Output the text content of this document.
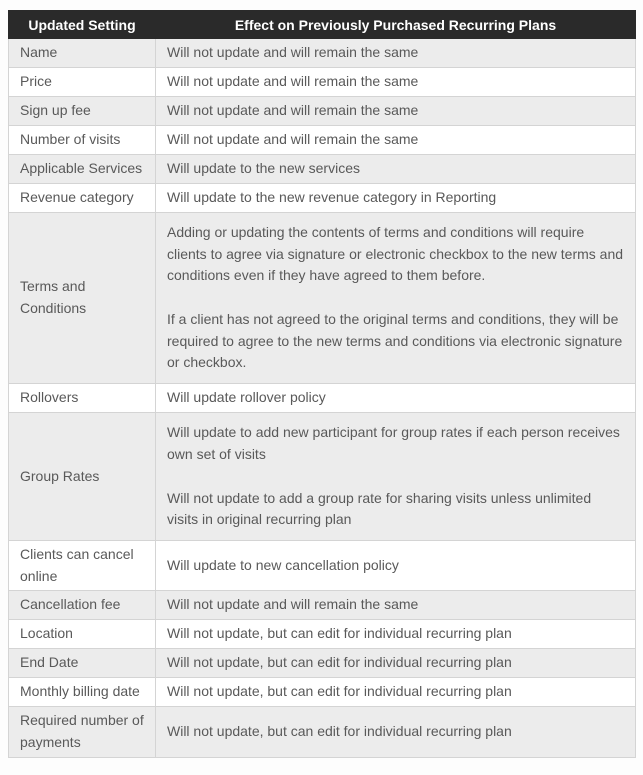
Updated Setting	Effect on Previously Purchased Recurring Plans
Name	Will not update and will remain the same

Price	Will not update and will remain the same

Sign up fee	Will not update and will remain the same

Number of visits	Will not update and will remain the same

Applicable Services	Will update to the new services

Revenue category	Will update to the new revenue category in Reporting

Terms and Conditions	Adding or updating the contents of terms and conditions will require clients to agree via signature or electronic checkbox to the new terms and conditions even if they have agreed to them before.

If a client has not agreed to the original terms and conditions, they will be required to agree to the new terms and conditions via electronic signature or checkbox.

Rollovers	Will update rollover policy

Group Rates	Will update to add new participant for group rates if each person receives own set of visits

Will not update to add a group rate for sharing visits unless unlimited visits in original recurring plan

Clients can cancel online	Will update to new cancellation policy

Cancellation fee	Will not update and will remain the same

Location	Will not update, but can edit for individual recurring plan

End Date	Will not update, but can edit for individual recurring plan

Monthly billing date	Will not update, but can edit for individual recurring plan

Required number of payments	Will not update, but can edit for individual recurring plan
